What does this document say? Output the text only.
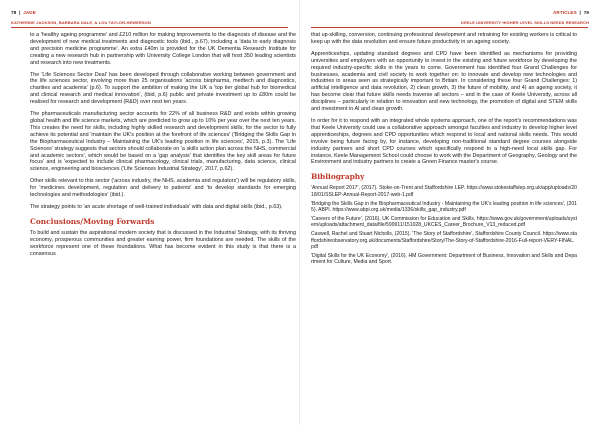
78  |  JADE
KATHERINE JACKSON, BARBARA DALE, & LOU TAYLOR-HEWERSON

to a 'healthy ageing programme' and £210 million for making improvements to the diagnosis of disease and the development of new medical treatments and diagnostic tools (ibid., p.67), including a 'data to early diagnosis and precision medicine programme'. An extra £40m is provided for the UK Dementia Research Institute for creating a new research hub in partnership with University College London that will host 350 leading scientists and research into new treatments.

The 'Life Sciences Sector Deal' has been developed through collaborative working between government and the life sciences sector, involving more than 25 organisations 'across biopharma, medtech and diagnostics, charities and academia' (p.6). To support the ambition of making the UK a 'top tier global hub for biomedical and clinical research and medical innovation', (ibid, p.6) public and private investment up to £80m could be realised for research and development (R&D) over next ten years.

The pharmaceuticals manufacturing sector accounts for 22% of all business R&D and exists within growing global health and life science markets, which are predicted to grow up to 10% per year over the next ten years. This creates the need for skills, including highly skilled research and development skills, for the sector to fully achieve its potential and 'maintain the UK's position at the forefront of life sciences' ('Bridging the Skills Gap in the Biopharmaceutical Industry – Maintaining the UK's leading position in life sciences', 2015, p.3). The 'Life Sciences' strategy suggests that sectors should collaborate on 'a skills action plan across the NHS, commercial and academic sectors', which would be based on a 'gap analysis' that identifies the key skill areas for future focus' and is 'expected to include clinical pharmacology, clinical trials, manufacturing, data science, clinical science, engineering and biosciences ('Life Sciences Industrial Strategy', 2017, p.62).

Other skills relevant to this sector ('across industry, the NHS, academia and regulators') will be regulatory skills, for 'medicines development, regulation and delivery to patients' and 'to develop standards for emerging technologies and methodologies' (ibid.).

The strategy points to 'an acute shortage of well-trained individuals' with data and digital skills (ibid., p.63).

Conclusions/Moving Forwards

To build and sustain the aspirational modern society that is discussed in the Industrial Strategy, with its thriving economy, prosperous communities and greater earning power, firm foundations are needed. The skills of the workforce represent one of these foundations. What has become evident in this study is that there is a consensus

KEELE UNIVERSITY HIGHER LEVEL SKILLS NEEDS RESEARCH
ARTICLES  |  79

that up-skilling, conversion, continuing professional development and retraining for existing workers is critical to keep up with the data revolution and ensure future productivity in an ageing society.

Apprenticeships, updating standard degrees and CPD have been identified as mechanisms for providing universities and employers with an opportunity to invest in the existing and future workforce by developing the required industry-specific skills in the years to come. Government has identified four Grand Challenges for businesses, academia and civil society to work together on: to innovate and develop new technologies and industries in areas seen as strategically important to Britain. In considering these four Grand Challenges: 1) artificial intelligence and data revolution, 2) clean growth, 3) the future of mobility, and 4) an ageing society, it has become clear that future skills needs traverse all sectors – and in the case of Keele University, across all disciplines – particularly in relation to innovation and new technology, the promotion of digital and STEM skills and investment in AI and clean growth.

In order for it to respond with an integrated whole systems approach, one of the report's recommendations was that Keele University could use a collaborative approach amongst faculties and industry to develop higher level apprenticeships, degrees and CPD opportunities which respond to local and national skills needs. This would involve being future facing by, for instance, developing non-traditional standard degree courses alongside industry partners and short CPD courses which specifically respond to a high-need local skills gap. For instance, Keele Management School could choose to work with the Department of Geography, Geology and the Environment and industry partners to create a Green Finance master's course.

Bibliography
'Annual Report 2017', (2017). Stoke-on-Trent and Staffordshire LEP. https://www.stokestaffslep.org.uk/app/uploads/2018/01/SSLEP-Annual-Report-2017-web-1.pdf
'Bridging the Skills Gap in the Biopharmaceutical Industry - Maintaining the UK's leading position in life sciences', (2015). ABPI. https://www.abpi.org.uk/media/1336/skills_gap_industry.pdf
'Careers of the Future', (2016). UK Commission for Education and Skills. https://www.gov.uk/government/uploads/system/uploads/attachment_data/file/599911/151028_UKCES_Career_Brochure_V13_reduced.pdf
Caswell, Rachel and Stuart Nicholls, (2015). 'The Story of Staffordshire', Staffordshire County Council. https://www.staffordshireobservatory.org.uk/documents/Staffordshire/Story/The-Story-of-Staffordshire-2016-Full-report-VERY-FINAL.pdf
'Digital Skills for the UK Economy', (2016). HM Government: Department of Business, Innovation and Skills and Department for Culture, Media and Sport.
